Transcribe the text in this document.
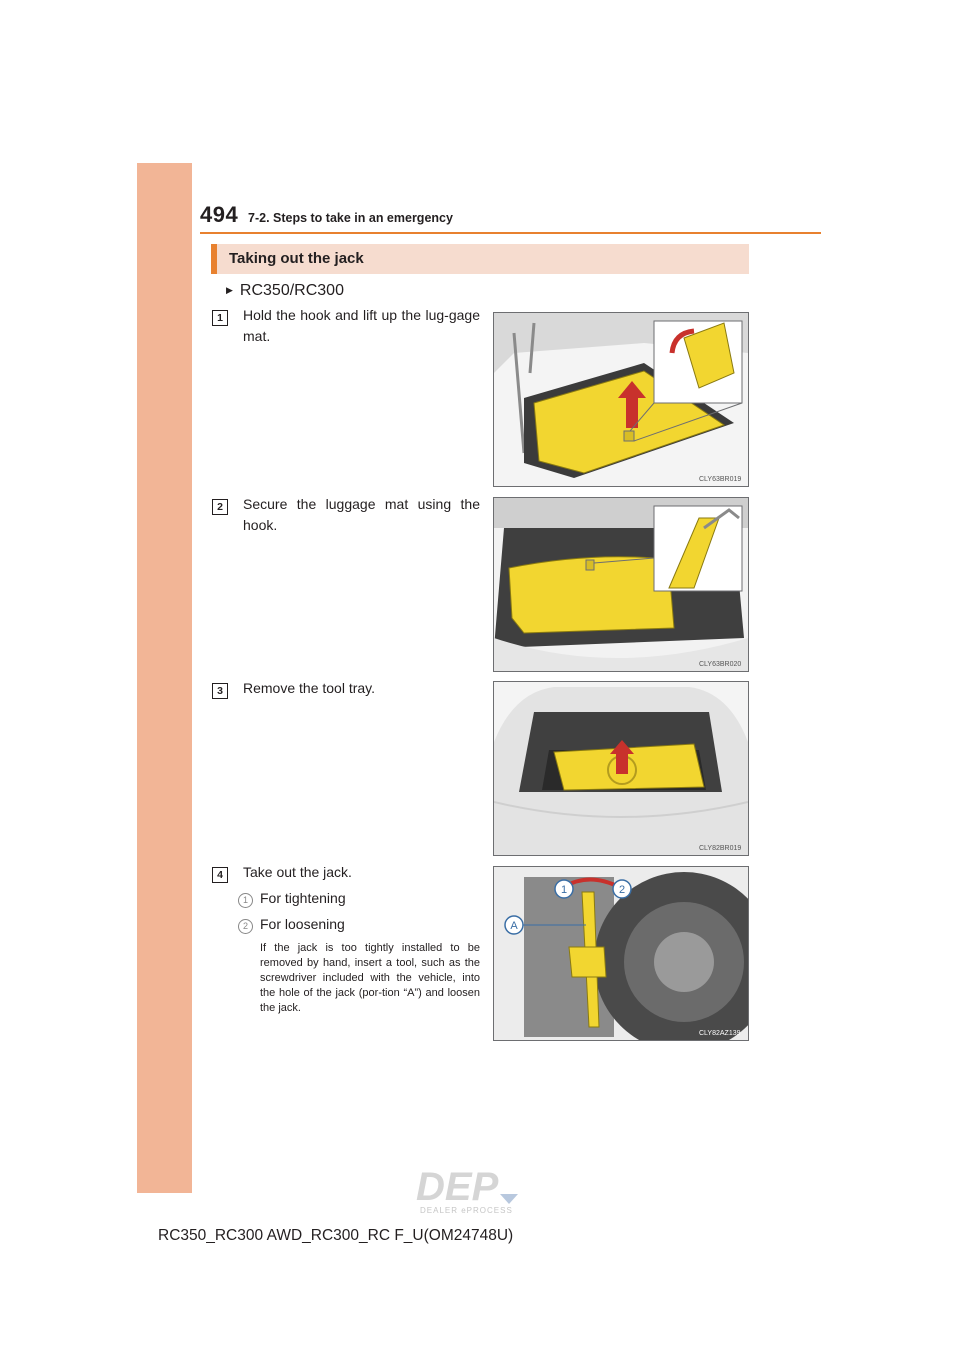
494 7-2. Steps to take in an emergency
Taking out the jack
▶ RC350/RC300
1	Hold the hook and lift up the lug-gage mat.
CLY63BR019
2	Secure the luggage mat using the hook.
CLY63BR020
3	Remove the tool tray.
CLY82BR019
4	Take out the jack.
1 For tightening
2 For loosening
If the jack is too tightly installed to be removed by hand, insert a tool, such as the screwdriver included with the vehicle, into the hole of the jack (por-tion “A”) and loosen the jack.
1	2
A
CLY82AZ139
DEP
DEALER ePROCESS
RC350_RC300 AWD_RC300_RC F_U(OM24748U)
